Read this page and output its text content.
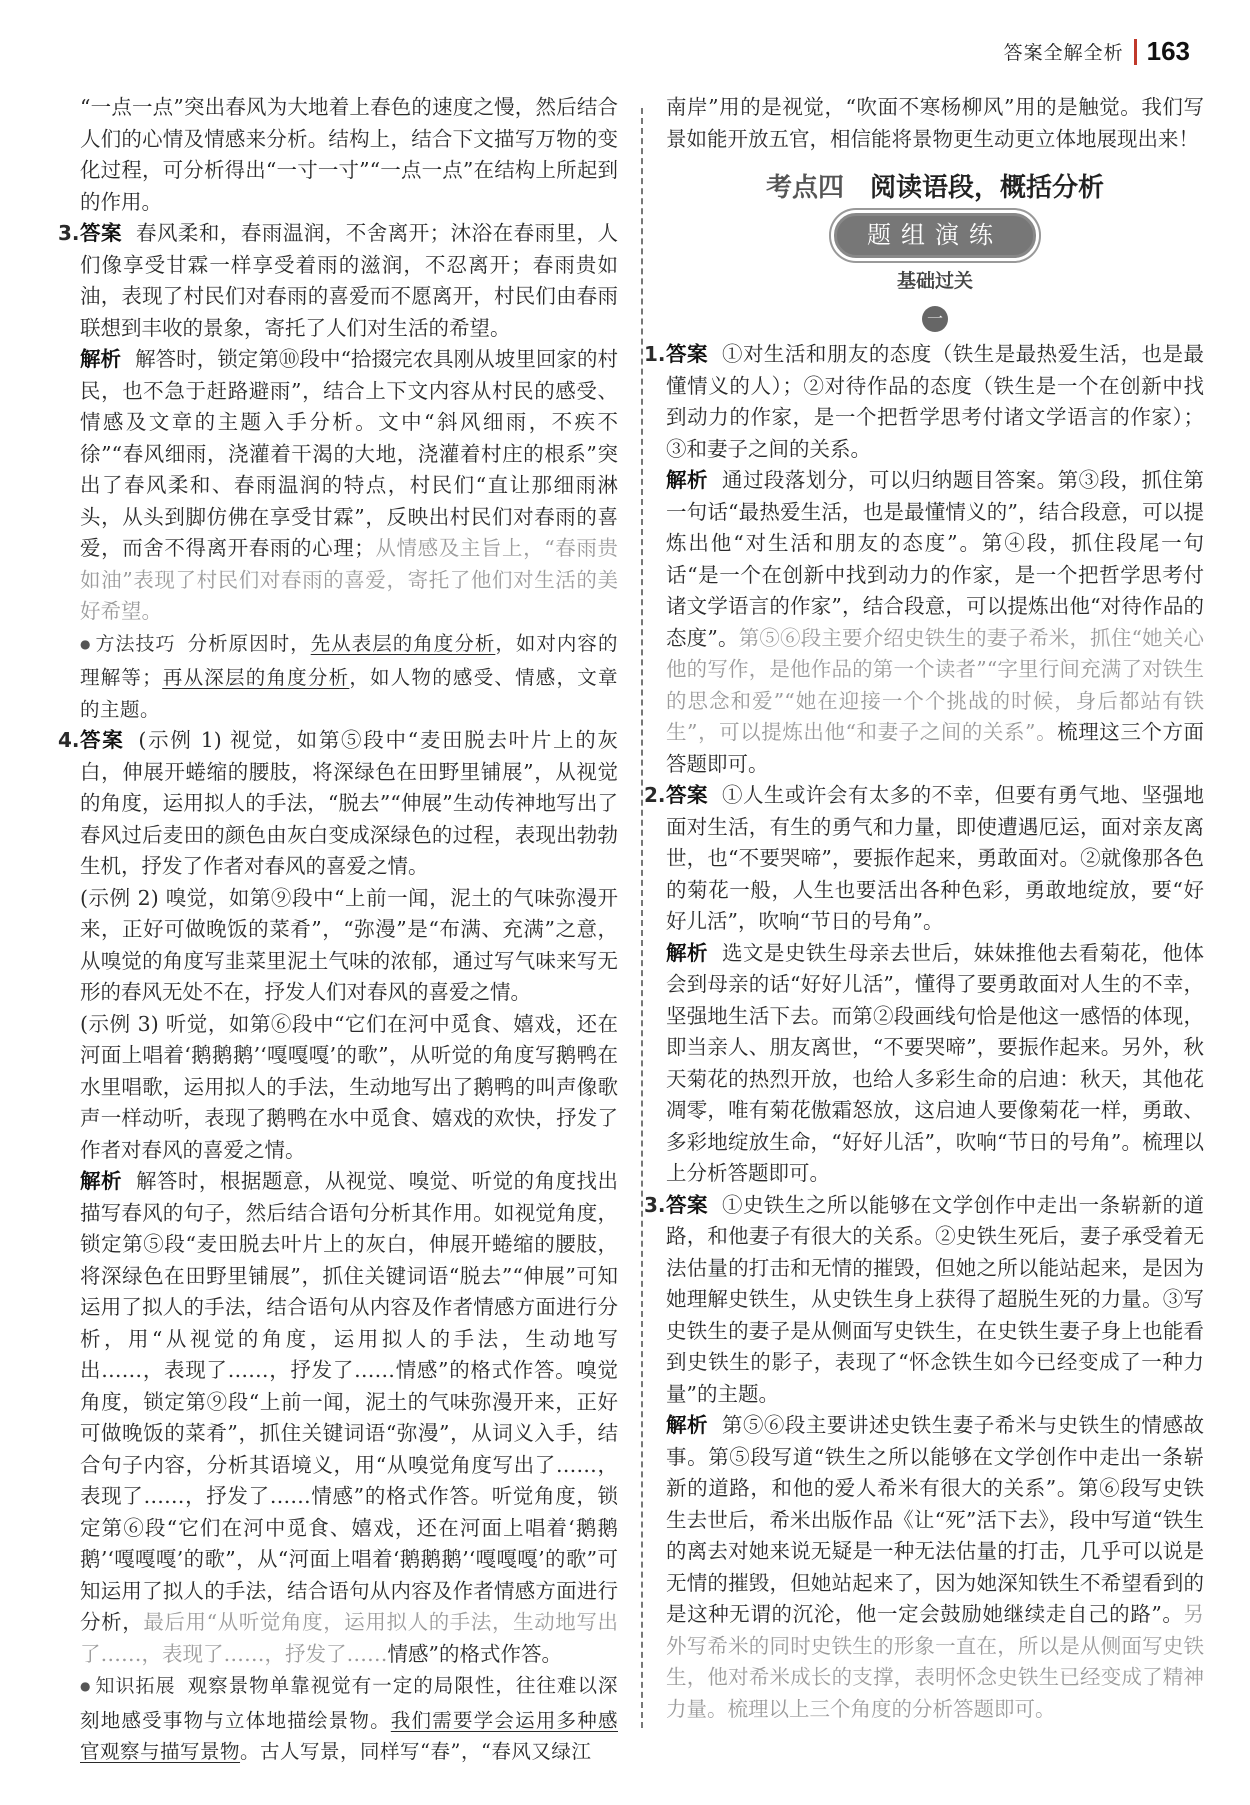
答案全解全析 163

“一点一点”突出春风为大地着上春色的速度之慢，然后结合人们的心情及情感来分析。结构上，结合下文描写万物的变化过程，可分析得出“一寸一寸”“一点一点”在结构上所起到的作用。

3. 答案 春风柔和，春雨温润，不舍离开；沐浴在春雨里，人们像享受甘霖一样享受着雨的滋润，不忍离开；春雨贵如油，表现了村民们对春雨的喜爱而不愿离开，村民们由春雨联想到丰收的景象，寄托了人们对生活的希望。

解析 解答时，锁定第⑩段中“拾掇完农具刚从坡里回家的村民，也不急于赶路避雨”，结合上下文内容从村民的感受、情感及文章的主题入手分析。文中“斜风细雨，不疾不徐”“春风细雨，浇灌着干渴的大地，浇灌着村庄的根系”突出了春风柔和、春雨温润的特点，村民们“直让那细雨淋头，从头到脚仿佛在享受甘霖”，反映出村民们对春雨的喜爱，而舍不得离开春雨的心理；从情感及主旨上，“春雨贵如油”表现了村民们对春雨的喜爱，寄托了他们对生活的美好希望。

● 方法技巧 分析原因时，先从表层的角度分析，如对内容的理解等；再从深层的角度分析，如人物的感受、情感，文章的主题。

4. 答案 (示例 1) 视觉，如第⑤段中“麦田脱去叶片上的灰白，伸展开蜷缩的腰肢，将深绿色在田野里铺展”，从视觉的角度，运用拟人的手法，“脱去”“伸展”生动传神地写出了春风过后麦田的颜色由灰白变成深绿色的过程，表现出勃勃生机，抒发了作者对春风的喜爱之情。

(示例 2) 嗅觉，如第⑨段中“上前一闻，泥土的气味弥漫开来，正好可做晚饭的菜肴”，“弥漫”是“布满、充满”之意，从嗅觉的角度写韭菜里泥土气味的浓郁，通过写气味来写无形的春风无处不在，抒发人们对春风的喜爱之情。

(示例 3) 听觉，如第⑥段中“它们在河中觅食、嬉戏，还在河面上唱着‘鹅鹅鹅’‘嘎嘎嘎’的歌”，从听觉的角度写鹅鸭在水里唱歌，运用拟人的手法，生动地写出了鹅鸭的叫声像歌声一样动听，表现了鹅鸭在水中觅食、嬉戏的欢快，抒发了作者对春风的喜爱之情。

解析 解答时，根据题意，从视觉、嗅觉、听觉的角度找出描写春风的句子，然后结合语句分析其作用。如视觉角度，锁定第⑤段“麦田脱去叶片上的灰白，伸展开蜷缩的腰肢，将深绿色在田野里铺展”，抓住关键词语“脱去”“伸展”可知运用了拟人的手法，结合语句从内容及作者情感方面进行分析，用“从视觉的角度，运用拟人的手法，生动地写出……，表现了……，抒发了……情感”的格式作答。嗅觉角度，锁定第⑨段“上前一闻，泥土的气味弥漫开来，正好可做晚饭的菜肴”，抓住关键词语“弥漫”，从词义入手，结合句子内容，分析其语境义，用“从嗅觉角度写出了……，表现了……，抒发了……情感”的格式作答。听觉角度，锁定第⑥段“它们在河中觅食、嬉戏，还在河面上唱着‘鹅鹅鹅’‘嘎嘎嘎’的歌”，从“河面上唱着‘鹅鹅鹅’‘嘎嘎嘎’的歌”可知运用了拟人的手法，结合语句从内容及作者情感方面进行分析，最后用“从听觉角度，运用拟人的手法，生动地写出了……，表现了……，抒发了……情感”的格式作答。

● 知识拓展 观察景物单靠视觉有一定的局限性，往往难以深刻地感受事物与立体地描绘景物。我们需要学会运用多种感官观察与描写景物。古人写景，同样写“春”，“春风又绿江

南岸”用的是视觉，“吹面不寒杨柳风”用的是触觉。我们写景如能开放五官，相信能将景物更生动更立体地展现出来！

考点四 阅读语段，概括分析
题组演练
基础过关
一
1. 答案 ①对生活和朋友的态度（铁生是最热爱生活，也是最懂情义的人）；②对待作品的态度（铁生是一个在创新中找到动力的作家，是一个把哲学思考付诸文学语言的作家）；③和妻子之间的关系。

解析 通过段落划分，可以归纳题目答案。第③段，抓住第一句话“最热爱生活，也是最懂情义的”，结合段意，可以提炼出他“对生活和朋友的态度”。第④段，抓住段尾一句话“是一个在创新中找到动力的作家，是一个把哲学思考付诸文学语言的作家”，结合段意，可以提炼出他“对待作品的态度”。第⑤⑥段主要介绍史铁生的妻子希米，抓住“她关心他的写作，是他作品的第一个读者”“字里行间充满了对铁生的思念和爱”“她在迎接一个个挑战的时候，身后都站有铁生”，可以提炼出他“和妻子之间的关系”。梳理这三个方面答题即可。

2. 答案 ①人生或许会有太多的不幸，但要有勇气地、坚强地面对生活，有生的勇气和力量，即使遭遇厄运，面对亲友离世，也“不要哭啼”，要振作起来，勇敢面对。②就像那各色的菊花一般，人生也要活出各种色彩，勇敢地绽放，要“好好儿活”，吹响“节日的号角”。

解析 选文是史铁生母亲去世后，妹妹推他去看菊花，他体会到母亲的话“好好儿活”，懂得了要勇敢面对人生的不幸，坚强地生活下去。而第②段画线句恰是他这一感悟的体现，即当亲人、朋友离世，“不要哭啼”，要振作起来。另外，秋天菊花的热烈开放，也给人多彩生命的启迪：秋天，其他花凋零，唯有菊花傲霜怒放，这启迪人要像菊花一样，勇敢、多彩地绽放生命，“好好儿活”，吹响“节日的号角”。梳理以上分析答题即可。

3. 答案 ①史铁生之所以能够在文学创作中走出一条崭新的道路，和他妻子有很大的关系。②史铁生死后，妻子承受着无法估量的打击和无情的摧毁，但她之所以能站起来，是因为她理解史铁生，从史铁生身上获得了超脱生死的力量。③写史铁生的妻子是从侧面写史铁生，在史铁生妻子身上也能看到史铁生的影子，表现了“怀念铁生如今已经变成了一种力量”的主题。

解析 第⑤⑥段主要讲述史铁生妻子希米与史铁生的情感故事。第⑤段写道“铁生之所以能够在文学创作中走出一条崭新的道路，和他的爱人希米有很大的关系”。第⑥段写史铁生去世后，希米出版作品《让“死”活下去》，段中写道“铁生的离去对她来说无疑是一种无法估量的打击，几乎可以说是无情的摧毁，但她站起来了，因为她深知铁生不希望看到的是这种无谓的沉沦，他一定会鼓励她继续走自己的路”。另外写希米的同时史铁生的形象一直在，所以是从侧面写史铁生，他对希米成长的支撑，表明怀念史铁生已经变成了精神力量。梳理以上三个角度的分析答题即可。
